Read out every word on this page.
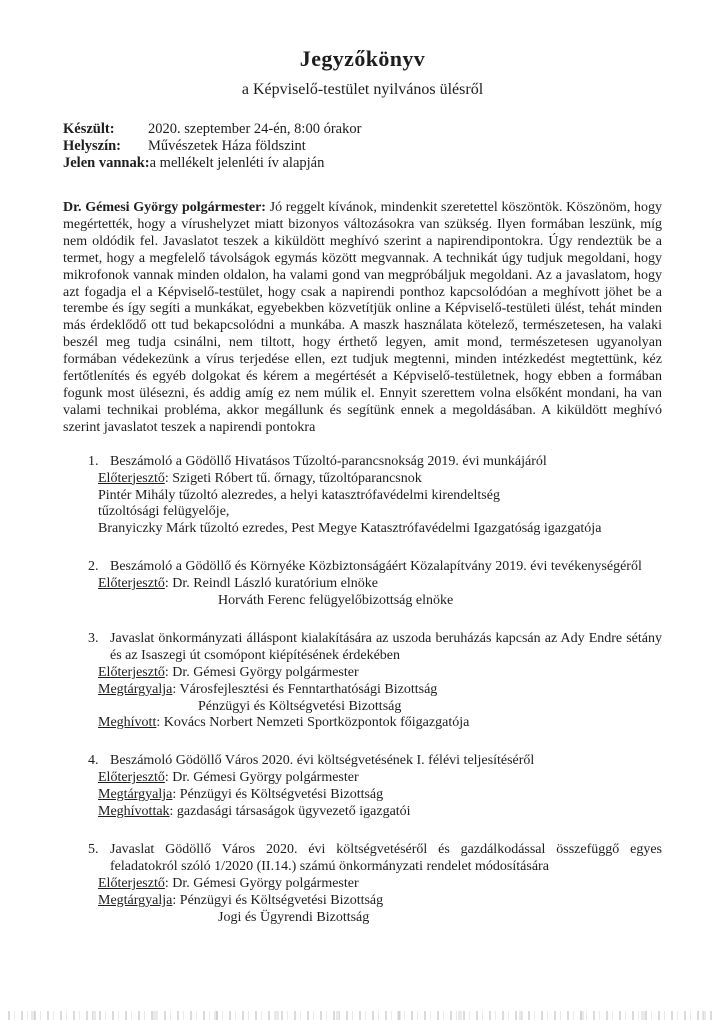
Jegyzőkönyv
a Képviselő-testület nyilvános ülésről
Készült: 2020. szeptember 24-én, 8:00 órakor
Helyszín: Művészetek Háza földszint
Jelen vannak:a mellékelt jelenléti ív alapján

Dr. Gémesi György polgármester: Jó reggelt kívánok, mindenkit szeretettel köszöntök. Köszönöm, hogy megértették, hogy a vírushelyzet miatt bizonyos változásokra van szükség. Ilyen formában leszünk, míg nem oldódik fel. Javaslatot teszek a kiküldött meghívó szerint a napirendipontokra. Úgy rendeztük be a termet, hogy a megfelelő távolságok egymás között megvannak. A technikát úgy tudjuk megoldani, hogy mikrofonok vannak minden oldalon, ha valami gond van megpróbáljuk megoldani. Az a javaslatom, hogy azt fogadja el a Képviselő-testület, hogy csak a napirendi ponthoz kapcsolódóan a meghívott jöhet be a terembe és így segíti a munkákat, egyebekben közvetítjük online a Képviselő-testületi ülést, tehát minden más érdeklődő ott tud bekapcsolódni a munkába. A maszk használata kötelező, természetesen, ha valaki beszél meg tudja csinálni, nem tiltott, hogy érthető legyen, amit mond, természetesen ugyanolyan formában védekezünk a vírus terjedése ellen, ezt tudjuk megtenni, minden intézkedést megtettünk, kéz fertőtlenítés és egyéb dolgokat és kérem a megértését a Képviselő-testületnek, hogy ebben a formában fogunk most ülésezni, és addig amíg ez nem múlik el. Ennyit szerettem volna elsőként mondani, ha van valami technikai probléma, akkor megállunk és segítünk ennek a megoldásában. A kiküldött meghívó szerint javaslatot teszek a napirendi pontokra

1. Beszámoló a Gödöllő Hivatásos Tűzoltó-parancsnokság 2019. évi munkájáról
Előterjesztő: Szigeti Róbert tű. őrnagy, tűzoltóparancsnok
Pintér Mihály tűzoltó alezredes, a helyi katasztrófavédelmi kirendeltség
tűzoltósági felügyelője,
Branyiczky Márk tűzoltó ezredes, Pest Megye Katasztrófavédelmi Igazgatóság igazgatója
2. Beszámoló a Gödöllő és Környéke Közbiztonságáért Közalapítvány 2019. évi tevékenységéről
Előterjesztő: Dr. Reindl László kuratórium elnöke
Horváth Ferenc felügyelőbizottság elnöke
3. Javaslat önkormányzati álláspont kialakítására az uszoda beruházás kapcsán az Ady Endre sétány és az Isaszegi út csomópont kiépítésének érdekében
Előterjesztő: Dr. Gémesi György polgármester
Megtárgyalja: Városfejlesztési és Fenntarthatósági Bizottság
Pénzügyi és Költségvetési Bizottság
Meghívott: Kovács Norbert Nemzeti Sportközpontok főigazgatója
4. Beszámoló Gödöllő Város 2020. évi költségvetésének I. félévi teljesítéséről
Előterjesztő: Dr. Gémesi György polgármester
Megtárgyalja: Pénzügyi és Költségvetési Bizottság
Meghívottak: gazdasági társaságok ügyvezető igazgatói
5. Javaslat Gödöllő Város 2020. évi költségvetéséről és gazdálkodással összefüggő egyes feladatokról szóló 1/2020 (II.14.) számú önkormányzati rendelet módosítására
Előterjesztő: Dr. Gémesi György polgármester
Megtárgyalja: Pénzügyi és Költségvetési Bizottság
Jogi és Ügyrendi Bizottság
